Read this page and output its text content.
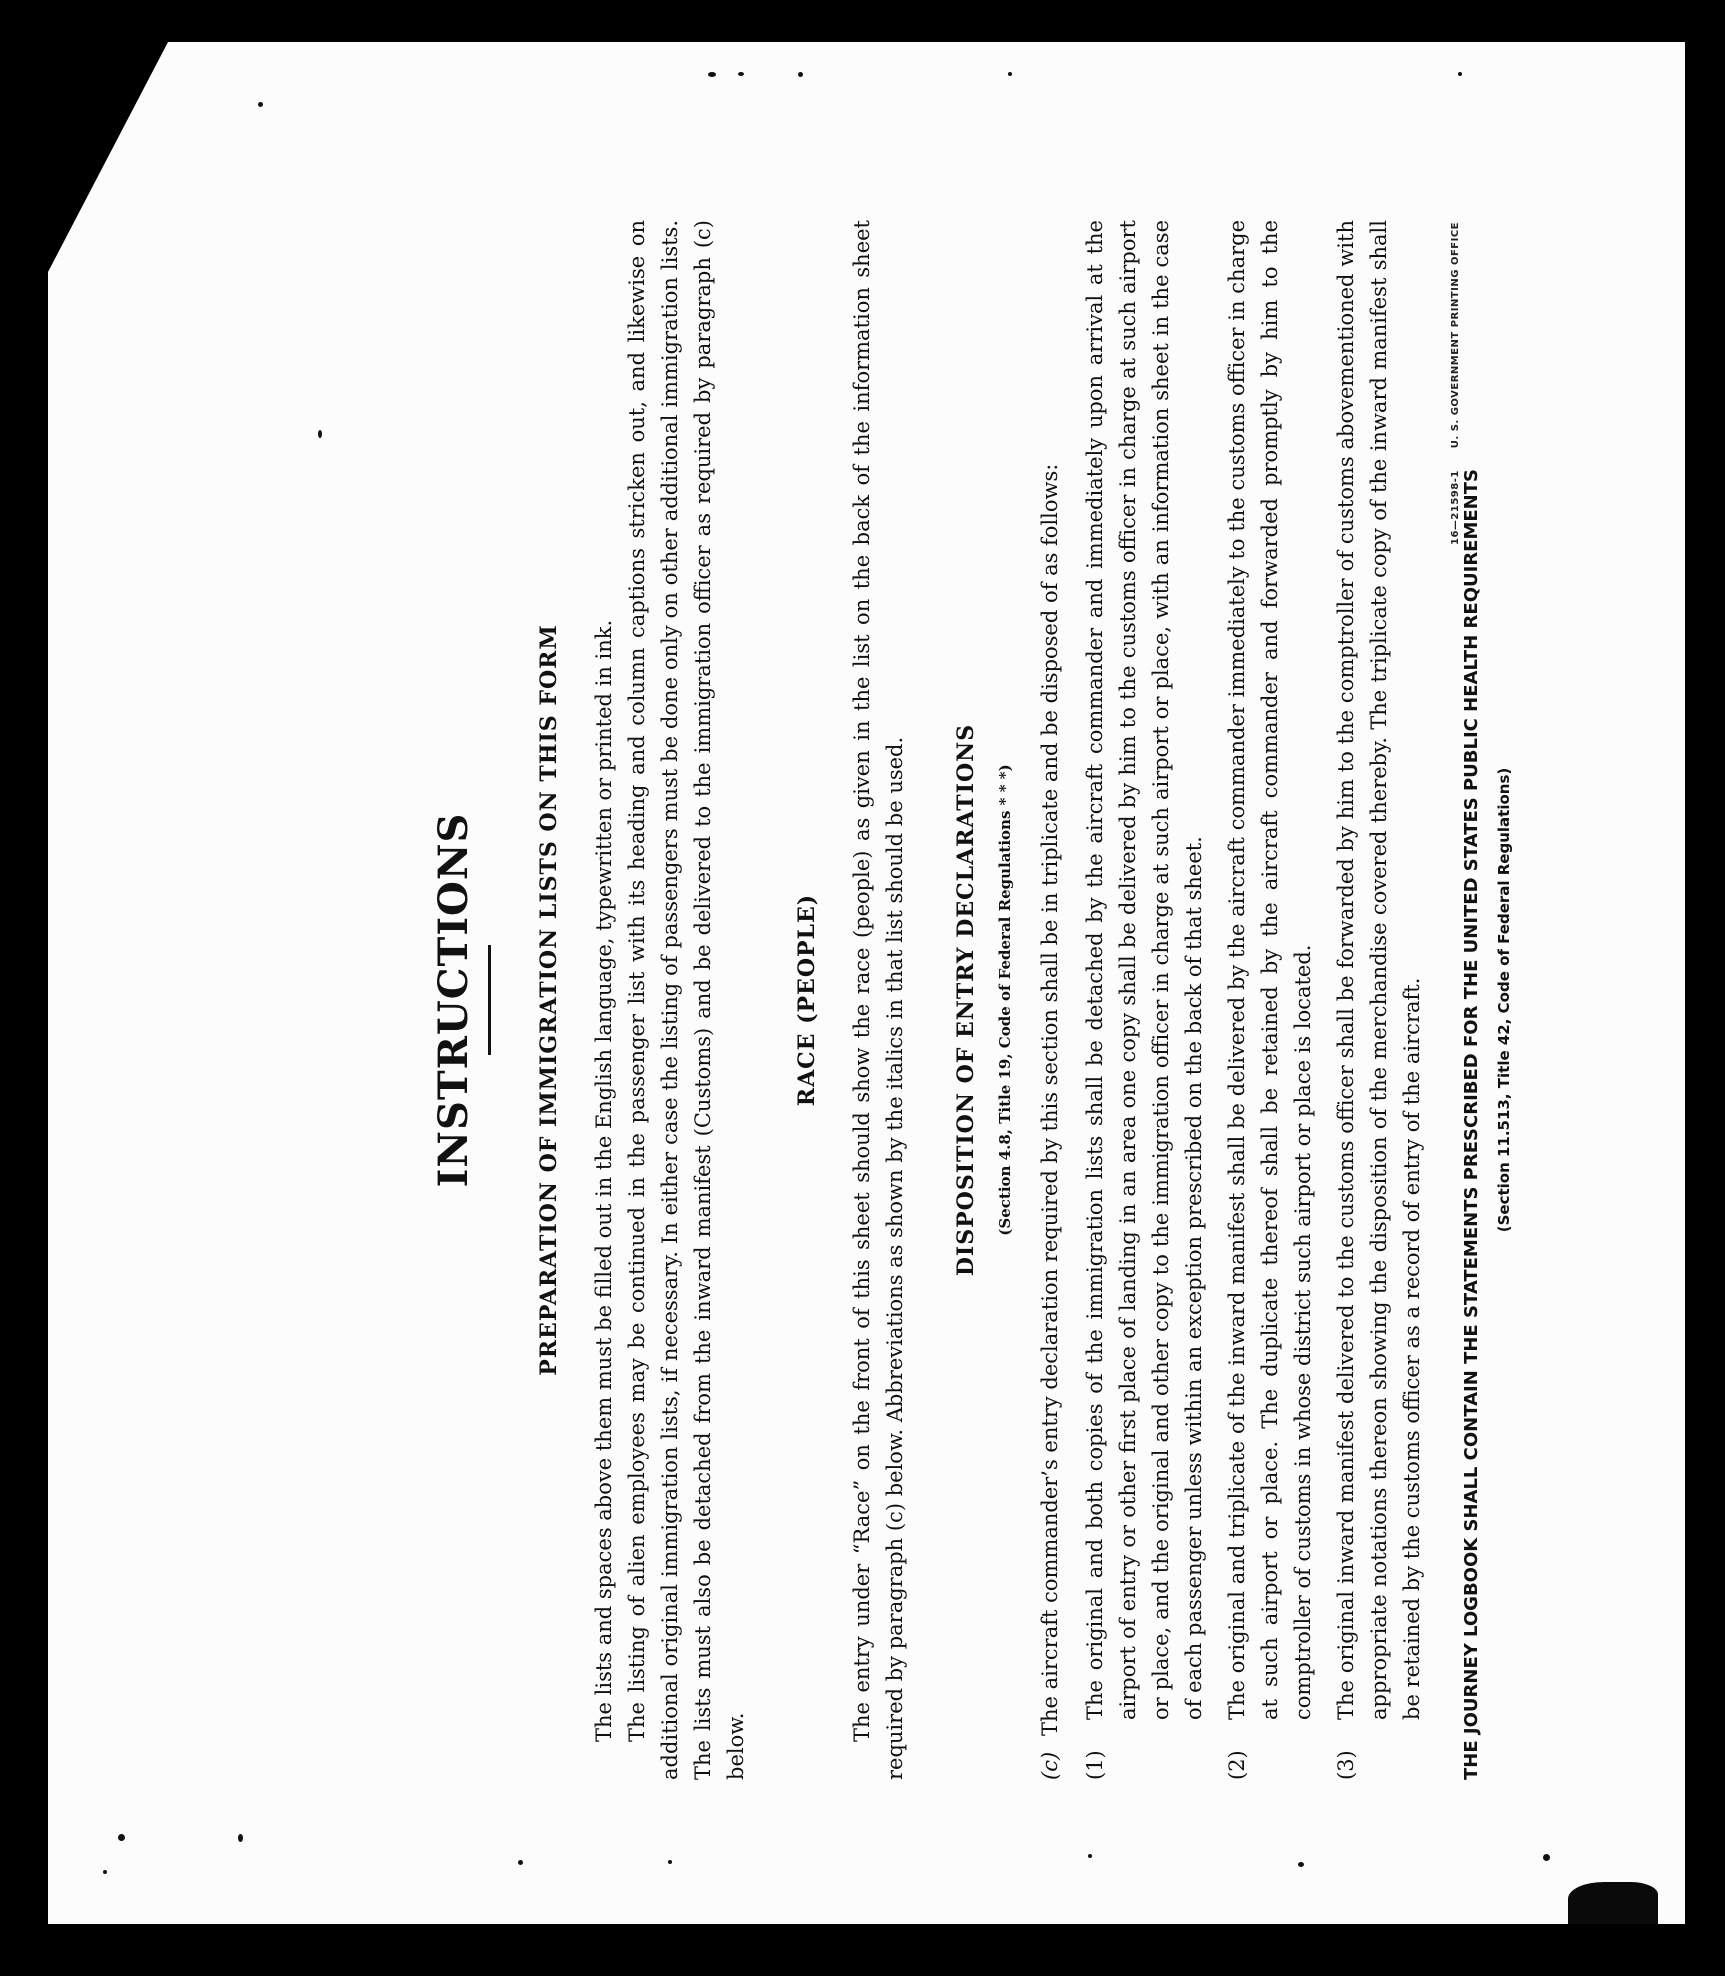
INSTRUCTIONS	PREPARATION OF IMMIGRATION LISTS ON THIS FORM The lists and spaces above them must be filled out in the English language, typewritten or printed in ink. The listing of alien employees may be continued in the passenger list with its heading and column captions stricken out, and likewise on additional original immigration lists, if necessary. In either case the listing of passengers must be done only on other additional immigration lists. The lists must also be detached from the inward manifest (Customs) and be delivered to the immigration officer as required by paragraph (c) below.

RACE (PEOPLE) The entry under “Race” on the front of this sheet should show the race (people) as given in the list on the back of the information sheet required by paragraph (c) below. Abbreviations as shown by the italics in that list should be used. DISPOSITION OF ENTRY DECLARATIONS	(Section 4.8, Title 19, Code of Federal Regulations * * *)
(c)
The aircraft commander’s entry declaration required by this section shall be in triplicate and be disposed of as follows:
(1)
The original and both copies of the immigration lists shall be detached by the aircraft commander and immediately upon arrival at the airport of entry or other first place of landing in an area one copy shall be delivered by him to the customs officer in charge at such airport or place, and the original and other copy to the immigration officer in charge at such airport or place, with an information sheet in the case of each passenger unless within an exception prescribed on the back of that sheet.
(2)
The original and triplicate of the inward manifest shall be delivered by the aircraft commander immediately to the customs officer in charge at such airport or place. The duplicate thereof shall be retained by the aircraft commander and forwarded promptly by him to the comptroller of customs in whose district such airport or place is located.
(3)
The original inward manifest delivered to the customs officer shall be forwarded by him to the comptroller of customs abovementioned with appropriate notations thereon showing the disposition of the merchandise covered thereby. The triplicate copy of the inward manifest shall be retained by the customs officer as a record of entry of the aircraft.	THE JOURNEY LOGBOOK SHALL CONTAIN THE STATEMENTS PRESCRIBED FOR THE UNITED STATES PUBLIC HEALTH REQUIREMENTS (Section 11.513, Title 42, Code of Federal Regulations)
16—21598-1 U. S. GOVERNMENT PRINTING OFFICE
